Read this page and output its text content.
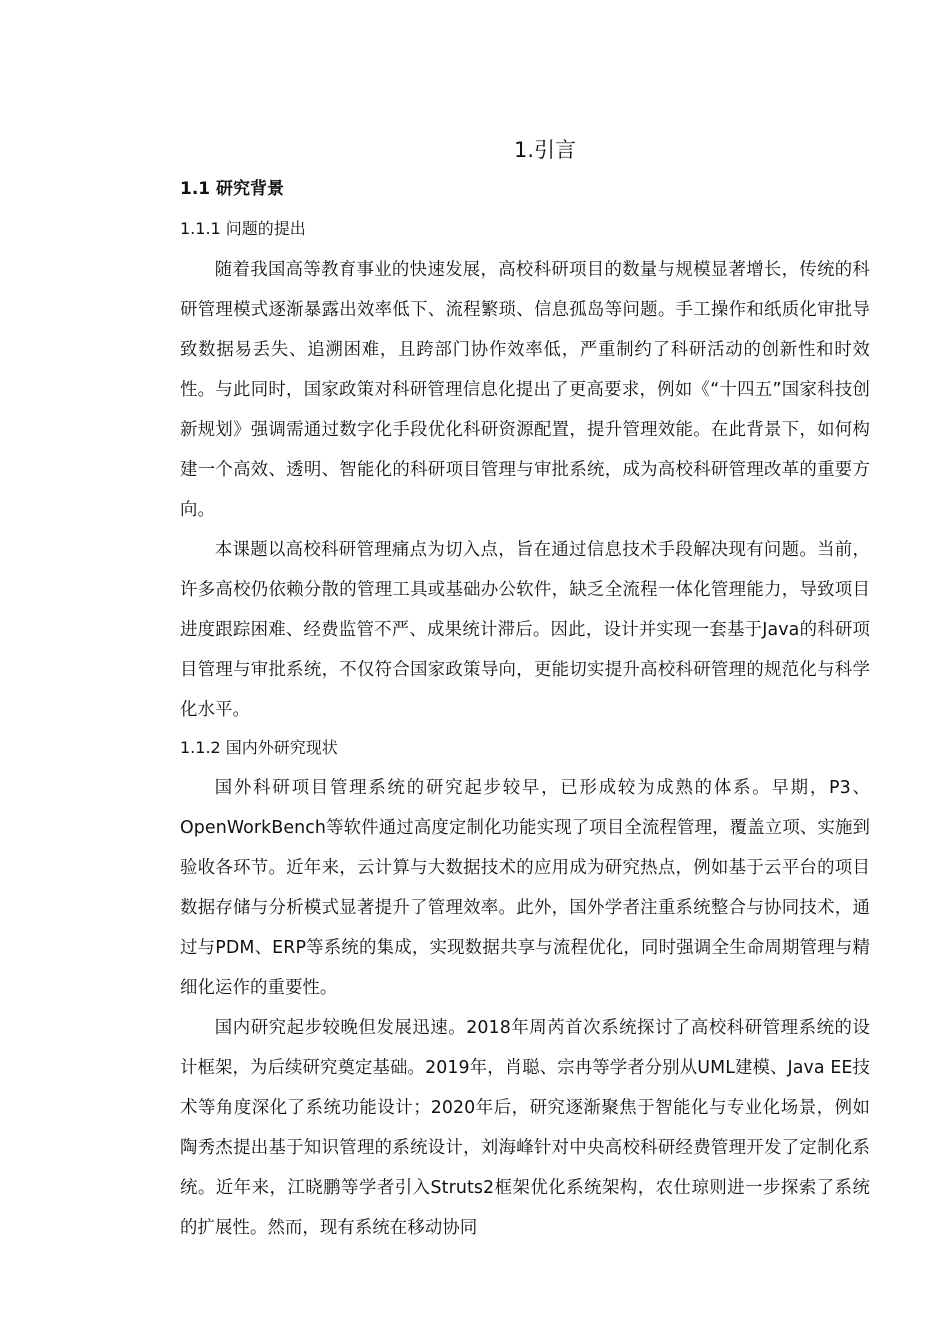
1.引言
1.1 研究背景
1.1.1 问题的提出

随着我国高等教育事业的快速发展，高校科研项目的数量与规模显著增长，传统的科研管理模式逐渐暴露出效率低下、流程繁琐、信息孤岛等问题。手工操作和纸质化审批导致数据易丢失、追溯困难，且跨部门协作效率低，严重制约了科研活动的创新性和时效性。与此同时，国家政策对科研管理信息化提出了更高要求，例如《“十四五”国家科技创新规划》强调需通过数字化手段优化科研资源配置，提升管理效能。在此背景下，如何构建一个高效、透明、智能化的科研项目管理与审批系统，成为高校科研管理改革的重要方向。

本课题以高校科研管理痛点为切入点，旨在通过信息技术手段解决现有问题。当前，许多高校仍依赖分散的管理工具或基础办公软件，缺乏全流程一体化管理能力，导致项目进度跟踪困难、经费监管不严、成果统计滞后。因此，设计并实现一套基于Java的科研项目管理与审批系统，不仅符合国家政策导向，更能切实提升高校科研管理的规范化与科学化水平。

1.1.2 国内外研究现状

国外科研项目管理系统的研究起步较早，已形成较为成熟的体系。早期，P3、OpenWorkBench等软件通过高度定制化功能实现了项目全流程管理，覆盖立项、实施到验收各环节。近年来，云计算与大数据技术的应用成为研究热点，例如基于云平台的项目数据存储与分析模式显著提升了管理效率。此外，国外学者注重系统整合与协同技术，通过与PDM、ERP等系统的集成，实现数据共享与流程优化，同时强调全生命周期管理与精细化运作的重要性。

国内研究起步较晚但发展迅速。2018年周芮首次系统探讨了高校科研管理系统的设计框架，为后续研究奠定基础。2019年，肖聪、宗冉等学者分别从UML建模、Java EE技术等角度深化了系统功能设计；2020年后，研究逐渐聚焦于智能化与专业化场景，例如陶秀杰提出基于知识管理的系统设计，刘海峰针对中央高校科研经费管理开发了定制化系统。近年来，江晓鹏等学者引入Struts2框架优化系统架构，农仕琼则进一步探索了系统的扩展性。然而，现有系统在移动协同
